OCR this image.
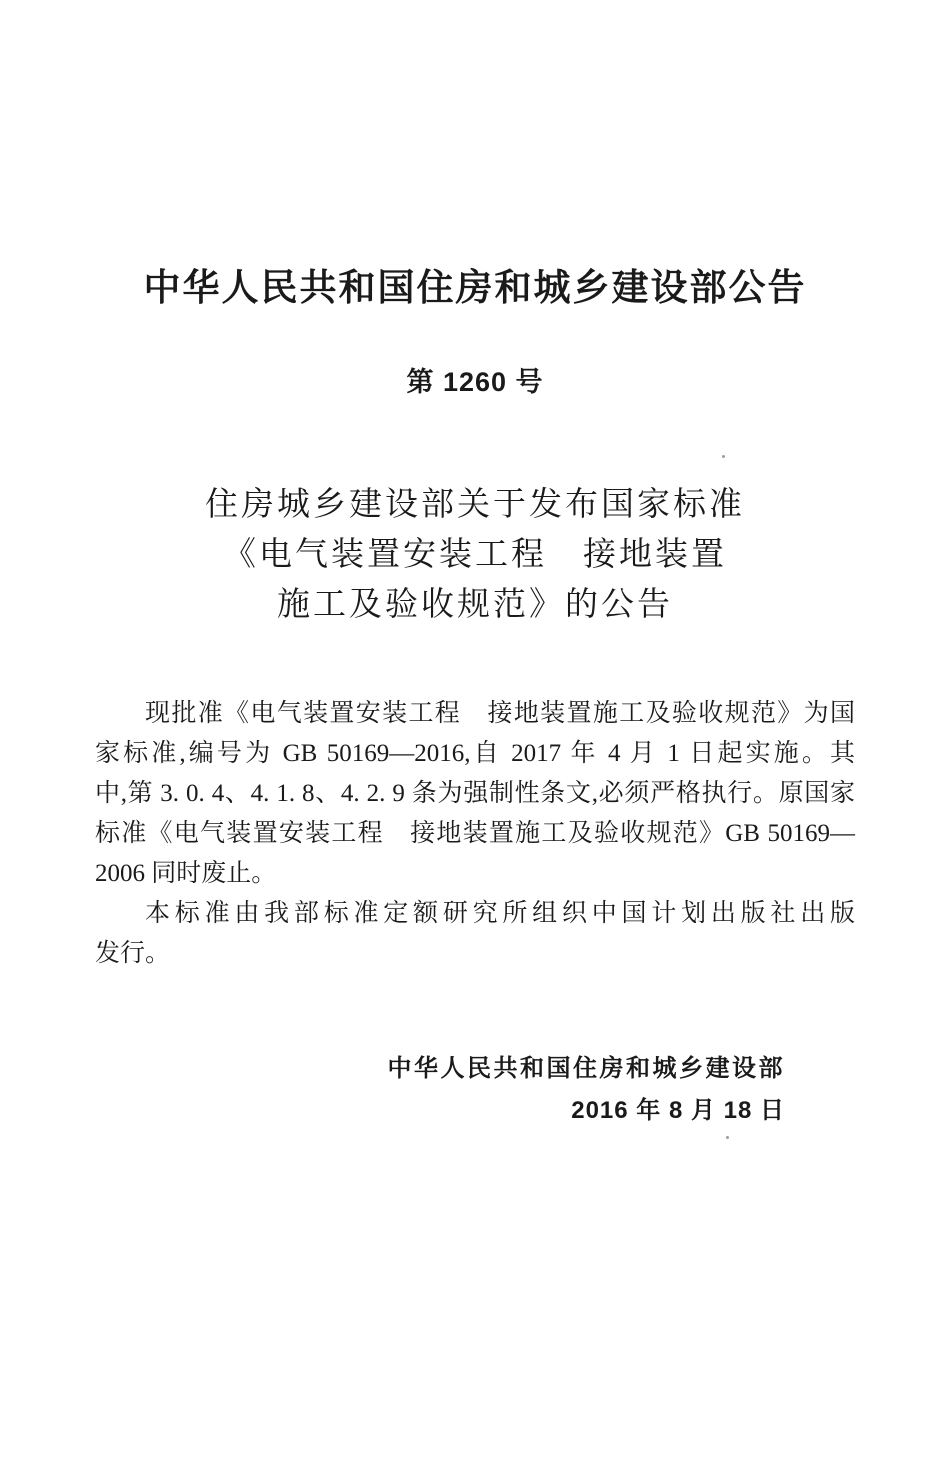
中华人民共和国住房和城乡建设部公告
第 1260 号
住房城乡建设部关于发布国家标准
《电气装置安装工程　接地装置
施工及验收规范》的公告
现批准《电气装置安装工程　接地装置施工及验收规范》为国
家标准,编号为 GB 50169—2016,自 2017 年 4 月 1 日起实施。其
中,第 3. 0. 4、4. 1. 8、4. 2. 9 条为强制性条文,必须严格执行。原国家
标准《电气装置安装工程　接地装置施工及验收规范》GB 50169—
2006 同时废止。
本标准由我部标准定额研究所组织中国计划出版社出版
发行。
中华人民共和国住房和城乡建设部
2016 年 8 月 18 日
